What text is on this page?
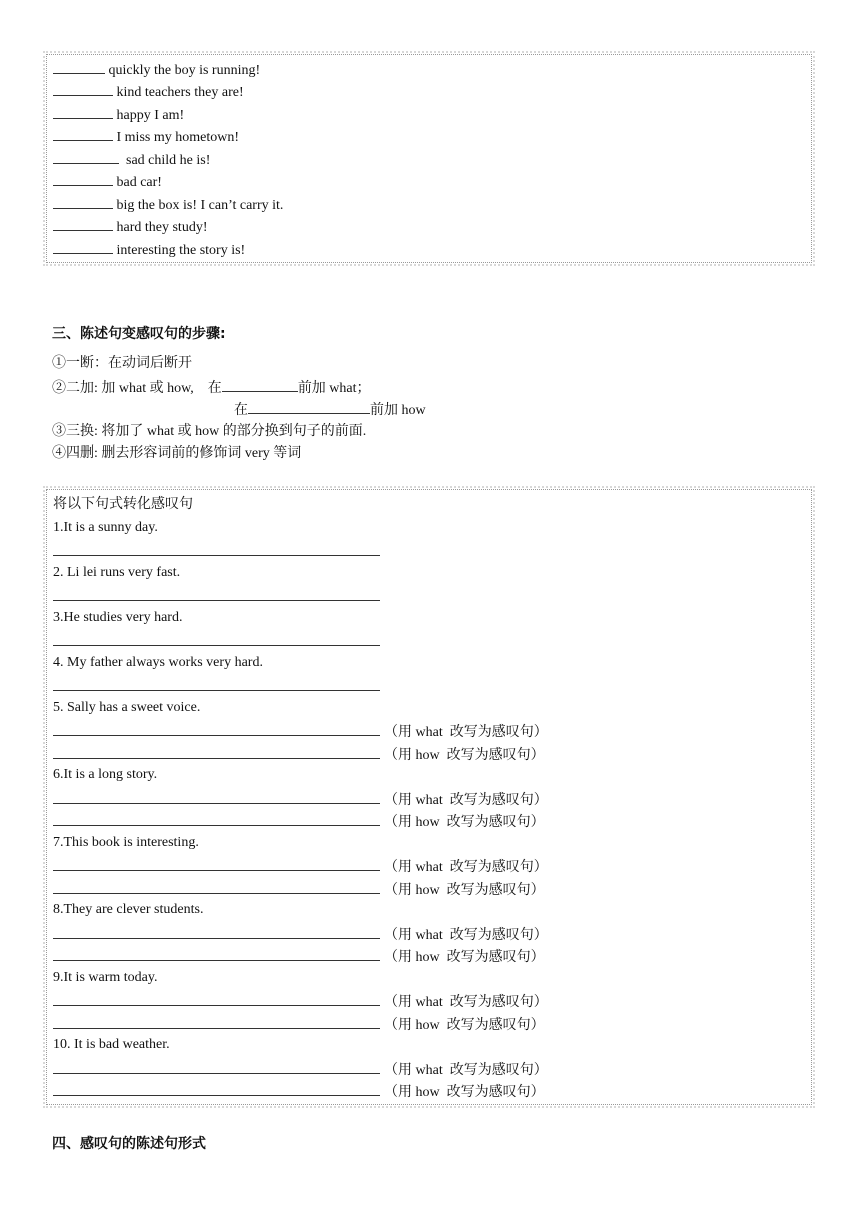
quickly the boy is running!
kind teachers they are!
happy I am!
I miss my hometown!
sad child he is!
bad car!
big the box is! I can’t carry it.
hard they study!
interesting the story is!
三、陈述句变感叹句的步骤:
①一断：在动词后断开
②二加: 加 what 或 how,    在	前加 what；
在	前加 how
③三换: 将加了 what 或 how 的部分换到句子的前面.
④四删: 删去形容词前的修饰词 very 等词
将以下句式转化感叹句
1.It is a sunny day.
2. Li lei runs very fast.
3.He studies very hard.
4. My father always works very hard.
5. Sally has a sweet voice.
（用 what  改写为感叹句）
（用 how  改写为感叹句）
6.It is a long story.
（用 what  改写为感叹句）
（用 how  改写为感叹句）
7.This book is interesting.
（用 what  改写为感叹句）
（用 how  改写为感叹句）
8.They are clever students.
（用 what  改写为感叹句）
（用 how  改写为感叹句）
9.It is warm today.
（用 what  改写为感叹句）
（用 how  改写为感叹句）
10. It is bad weather.
（用 what  改写为感叹句）
（用 how  改写为感叹句）
四、感叹句的陈述句形式
